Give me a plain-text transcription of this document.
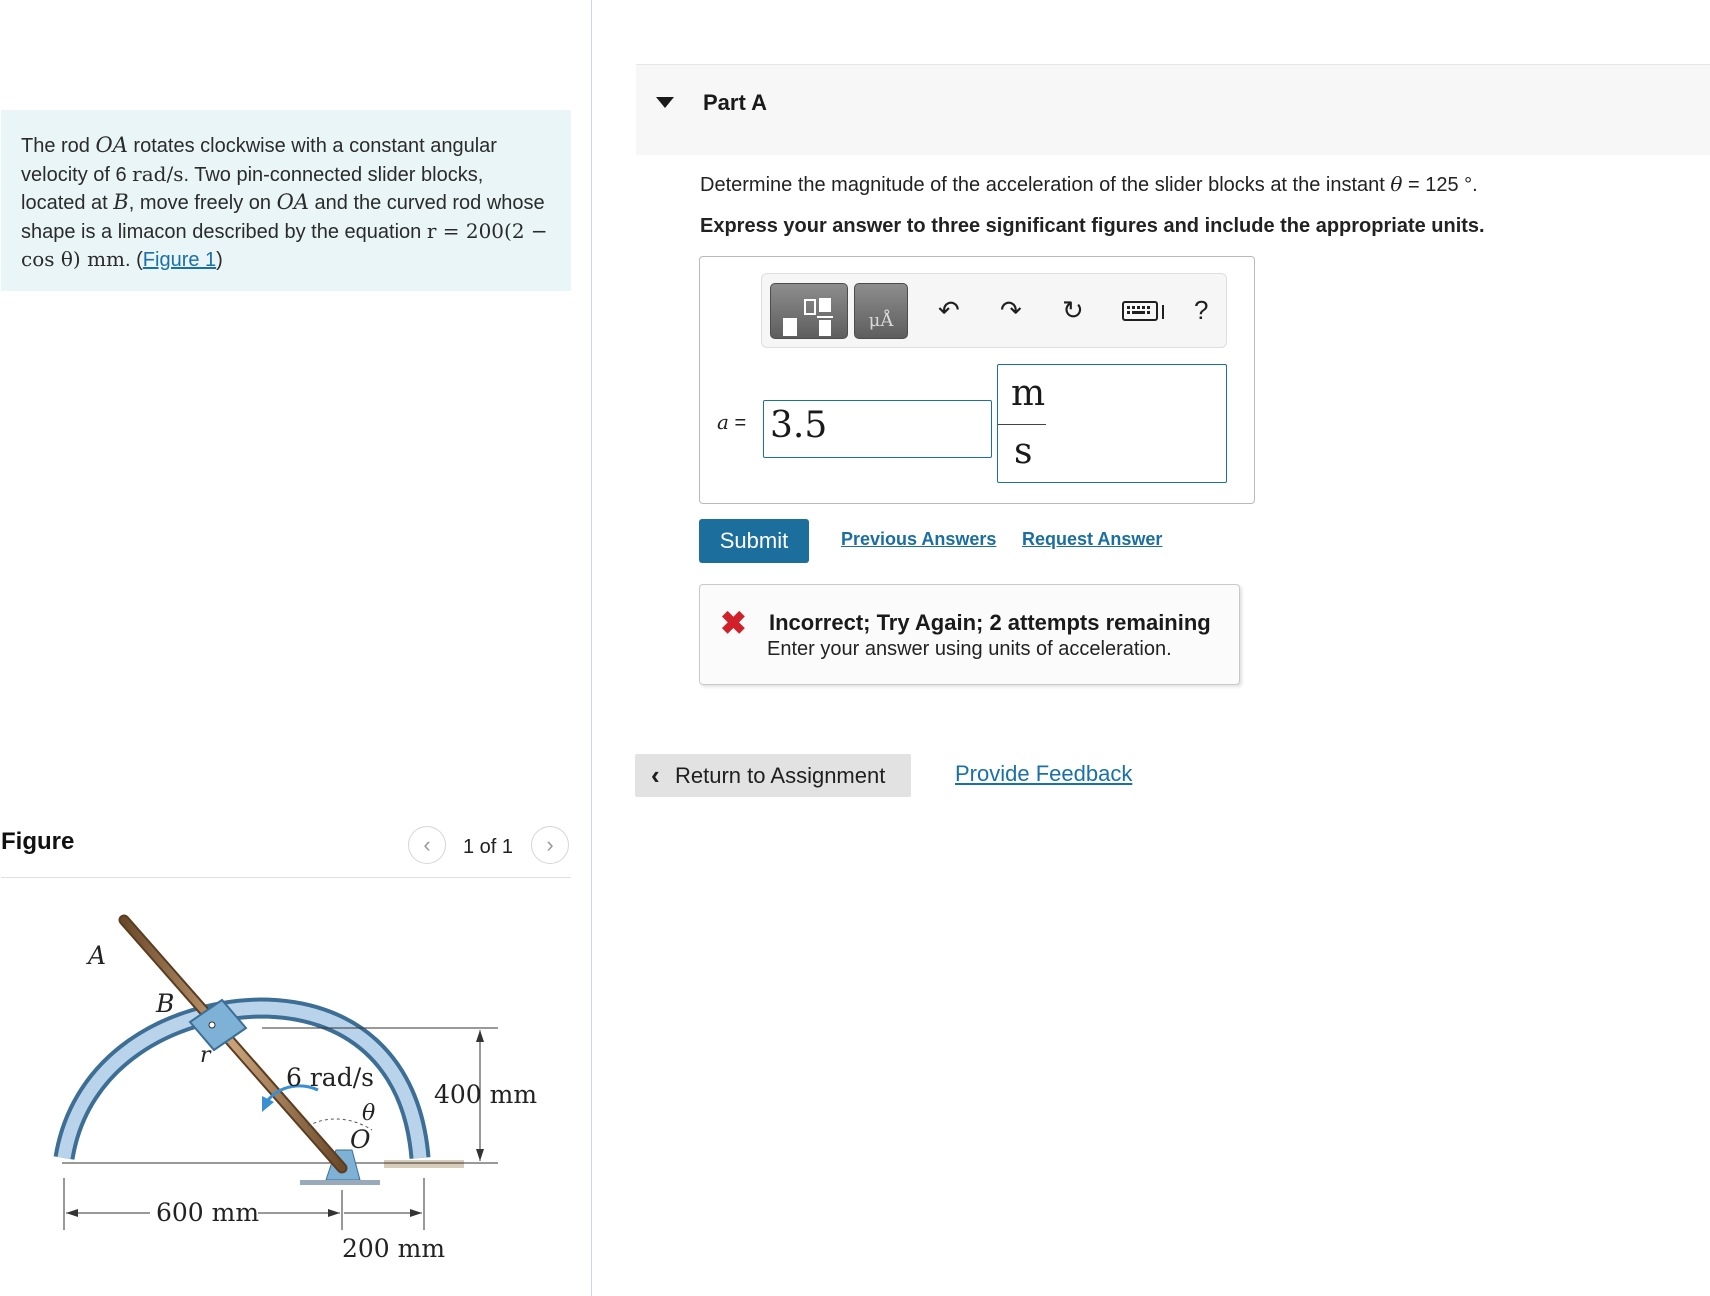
The rod OA rotates clockwise with a constant angular velocity of 6 rad/s. Two pin-connected slider blocks, located at B, move freely on OA and the curved rod whose shape is a limacon described by the equation r = 200(2 − cos θ) mm. (Figure 1)
Figure	‹	1 of 1	›
400 mm
A
B
r
6 rad/s
θ
O
600 mm
200 mm
Part A
Determine the magnitude of the acceleration of the slider blocks at the instant θ = 125 °.
Express your answer to three significant figures and include the appropriate units.
μÅ	↶ ↷ ↻	?
a = 3.5
m
s
Submit	Previous Answers Request Answer
✖ Incorrect; Try Again; 2 attempts remaining
Enter your answer using units of acceleration.
‹ Return to Assignment	Provide Feedback
